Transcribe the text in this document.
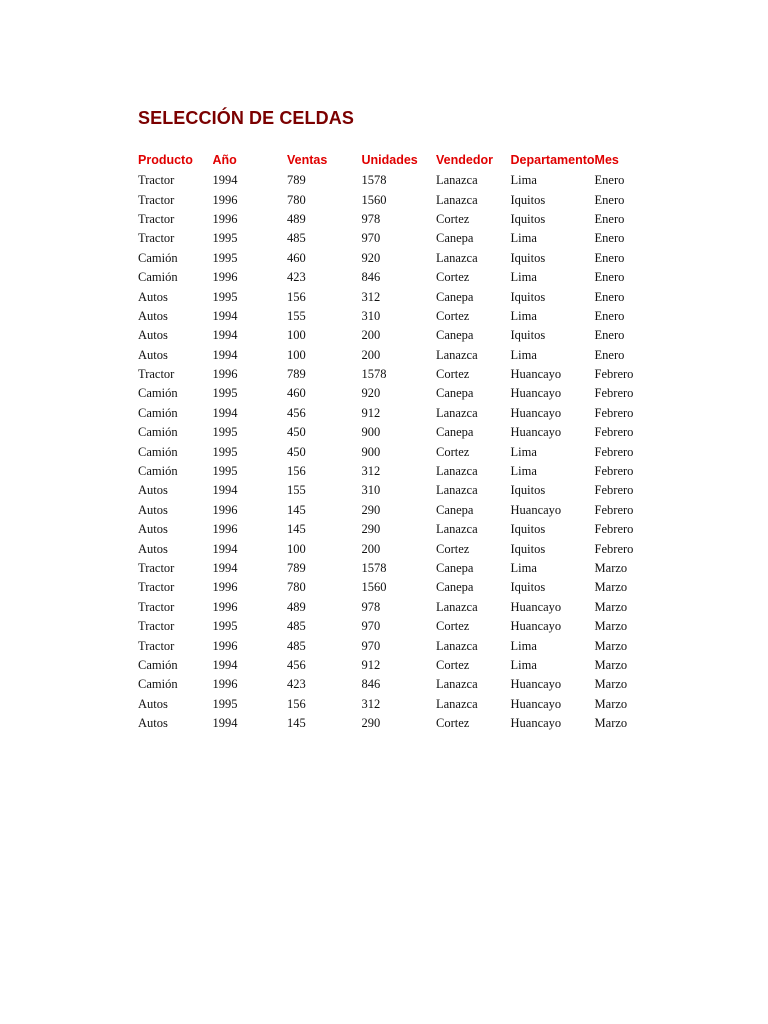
SELECCIÓN DE CELDAS
Producto	Año	Ventas	Unidades	Vendedor	Departamento	Mes
Tractor	1994	789	1578	Lanazca	Lima	Enero
Tractor	1996	780	1560	Lanazca	Iquitos	Enero
Tractor	1996	489	978	Cortez	Iquitos	Enero
Tractor	1995	485	970	Canepa	Lima	Enero
Camión	1995	460	920	Lanazca	Iquitos	Enero
Camión	1996	423	846	Cortez	Lima	Enero
Autos	1995	156	312	Canepa	Iquitos	Enero
Autos	1994	155	310	Cortez	Lima	Enero
Autos	1994	100	200	Canepa	Iquitos	Enero
Autos	1994	100	200	Lanazca	Lima	Enero
Tractor	1996	789	1578	Cortez	Huancayo	Febrero
Camión	1995	460	920	Canepa	Huancayo	Febrero
Camión	1994	456	912	Lanazca	Huancayo	Febrero
Camión	1995	450	900	Canepa	Huancayo	Febrero
Camión	1995	450	900	Cortez	Lima	Febrero
Camión	1995	156	312	Lanazca	Lima	Febrero
Autos	1994	155	310	Lanazca	Iquitos	Febrero
Autos	1996	145	290	Canepa	Huancayo	Febrero
Autos	1996	145	290	Lanazca	Iquitos	Febrero
Autos	1994	100	200	Cortez	Iquitos	Febrero
Tractor	1994	789	1578	Canepa	Lima	Marzo
Tractor	1996	780	1560	Canepa	Iquitos	Marzo
Tractor	1996	489	978	Lanazca	Huancayo	Marzo
Tractor	1995	485	970	Cortez	Huancayo	Marzo
Tractor	1996	485	970	Lanazca	Lima	Marzo
Camión	1994	456	912	Cortez	Lima	Marzo
Camión	1996	423	846	Lanazca	Huancayo	Marzo
Autos	1995	156	312	Lanazca	Huancayo	Marzo
Autos	1994	145	290	Cortez	Huancayo	Marzo
